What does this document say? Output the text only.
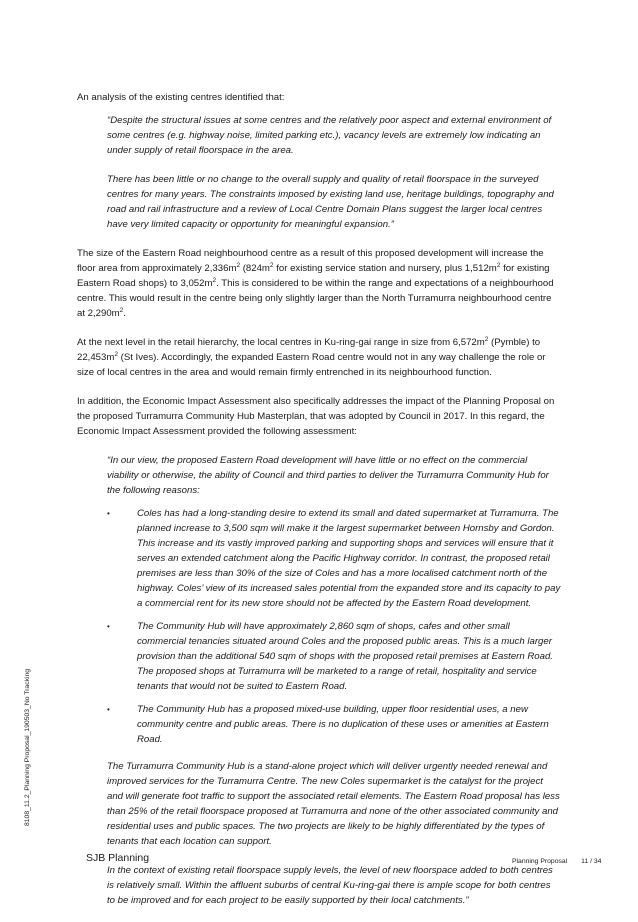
8108_11.2_Planning Proposal_190503_No Tracking

An analysis of the existing centres identified that:

“Despite the structural issues at some centres and the relatively poor aspect and external environment of some centres (e.g. highway noise, limited parking etc.), vacancy levels are extremely low indicating an under supply of retail floorspace in the area.

There has been little or no change to the overall supply and quality of retail floorspace in the surveyed centres for many years. The constraints imposed by existing land use, heritage buildings, topography and road and rail infrastructure and a review of Local Centre Domain Plans suggest the larger local centres have very limited capacity or opportunity for meaningful expansion.”

The size of the Eastern Road neighbourhood centre as a result of this proposed development will increase the floor area from approximately $2,336m^2$ ($824m^2$ for existing service station and nursery, plus $1,512m^2$ for existing Eastern Road shops) to $3,052m^2$. This is considered to be within the range and expectations of a neighbourhood centre. This would result in the centre being only slightly larger than the North Turramurra neighbourhood centre at $2,290m^2$.

At the next level in the retail hierarchy, the local centres in Ku-ring-gai range in size from $6,572m^2$ (Pymble) to $22,453m^2$ (St Ives). Accordingly, the expanded Eastern Road centre would not in any way challenge the role or size of local centres in the area and would remain firmly entrenched in its neighbourhood function.

In addition, the Economic Impact Assessment also specifically addresses the impact of the Planning Proposal on the proposed Turramurra Community Hub Masterplan, that was adopted by Council in 2017. In this regard, the Economic Impact Assessment provided the following assessment:

“In our view, the proposed Eastern Road development will have little or no effect on the commercial viability or otherwise, the ability of Council and third parties to deliver the Turramurra Community Hub for the following reasons:

•	Coles has had a long-standing desire to extend its small and dated supermarket at Turramurra. The planned increase to 3,500 sqm will make it the largest supermarket between Hornsby and Gordon. This increase and its vastly improved parking and supporting shops and services will ensure that it serves an extended catchment along the Pacific Highway corridor. In contrast, the proposed retail premises are less than 30% of the size of Coles and has a more localised catchment north of the highway. Coles’ view of its increased sales potential from the expanded store and its capacity to pay a commercial rent for its new store should not be affected by the Eastern Road development.
•	The Community Hub will have approximately 2,860 sqm of shops, cafes and other small commercial tenancies situated around Coles and the proposed public areas. This is a much larger provision than the additional 540 sqm of shops with the proposed retail premises at Eastern Road. The proposed shops at Turramurra will be marketed to a range of retail, hospitality and service tenants that would not be suited to Eastern Road.
•	The Community Hub has a proposed mixed-use building, upper floor residential uses, a new community centre and public areas. There is no duplication of these uses or amenities at Eastern Road.

The Turramurra Community Hub is a stand-alone project which will deliver urgently needed renewal and improved services for the Turramurra Centre. The new Coles supermarket is the catalyst for the project and will generate foot traffic to support the associated retail elements. The Eastern Road proposal has less than 25% of the retail floorspace proposed at Turramurra and none of the other associated community and residential uses and public spaces. The two projects are likely to be highly differentiated by the types of tenants that each location can support.

In the context of existing retail floorspace supply levels, the level of new floorspace added to both centres is relatively small. Within the affluent suburbs of central Ku-ring-gai there is ample scope for both centres to be improved and for each project to be easily supported by their local catchments.”

SJB Planning	Planning Proposal 11 / 34
